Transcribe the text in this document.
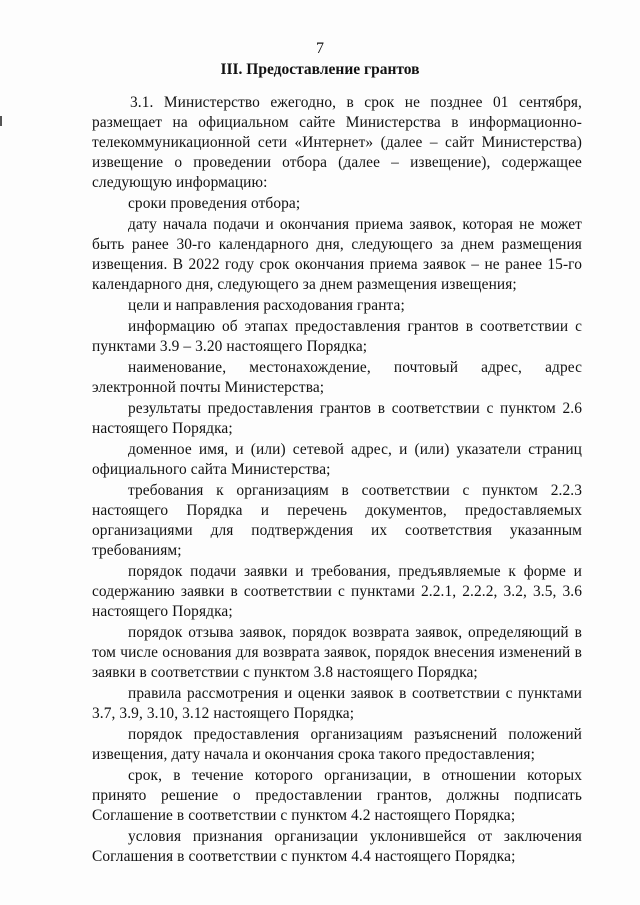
7
III. Предоставление грантов

3.1. Министерство ежегодно, в срок не позднее 01 сентября, размещает на официальном сайте Министерства в информационно-телекоммуникационной сети «Интернет» (далее – сайт Министерства) извещение о проведении отбора (далее – извещение), содержащее следующую информацию:

сроки проведения отбора;

дату начала подачи и окончания приема заявок, которая не может быть ранее 30-го календарного дня, следующего за днем размещения извещения. В 2022 году срок окончания приема заявок – не ранее 15-го календарного дня, следующего за днем размещения извещения;

цели и направления расходования гранта;

информацию об этапах предоставления грантов в соответствии с пунктами 3.9 – 3.20 настоящего Порядка;

наименование, местонахождение, почтовый адрес, адрес электронной почты Министерства;

результаты предоставления грантов в соответствии с пунктом 2.6 настоящего Порядка;

доменное имя, и (или) сетевой адрес, и (или) указатели страниц официального сайта Министерства;

требования к организациям в соответствии с пунктом 2.2.3 настоящего Порядка и перечень документов, предоставляемых организациями для подтверждения их соответствия указанным требованиям;

порядок подачи заявки и требования, предъявляемые к форме и содержанию заявки в соответствии с пунктами 2.2.1, 2.2.2, 3.2, 3.5, 3.6 настоящего Порядка;

порядок отзыва заявок, порядок возврата заявок, определяющий в том числе основания для возврата заявок, порядок внесения изменений в заявки в соответствии с пунктом 3.8 настоящего Порядка;

правила рассмотрения и оценки заявок в соответствии с пунктами 3.7, 3.9, 3.10, 3.12 настоящего Порядка;

порядок предоставления организациям разъяснений положений извещения, дату начала и окончания срока такого предоставления;

срок, в течение которого организации, в отношении которых принято решение о предоставлении грантов, должны подписать Соглашение в соответствии с пунктом 4.2 настоящего Порядка;

условия признания организации уклонившейся от заключения Соглашения в соответствии с пунктом 4.4 настоящего Порядка;
